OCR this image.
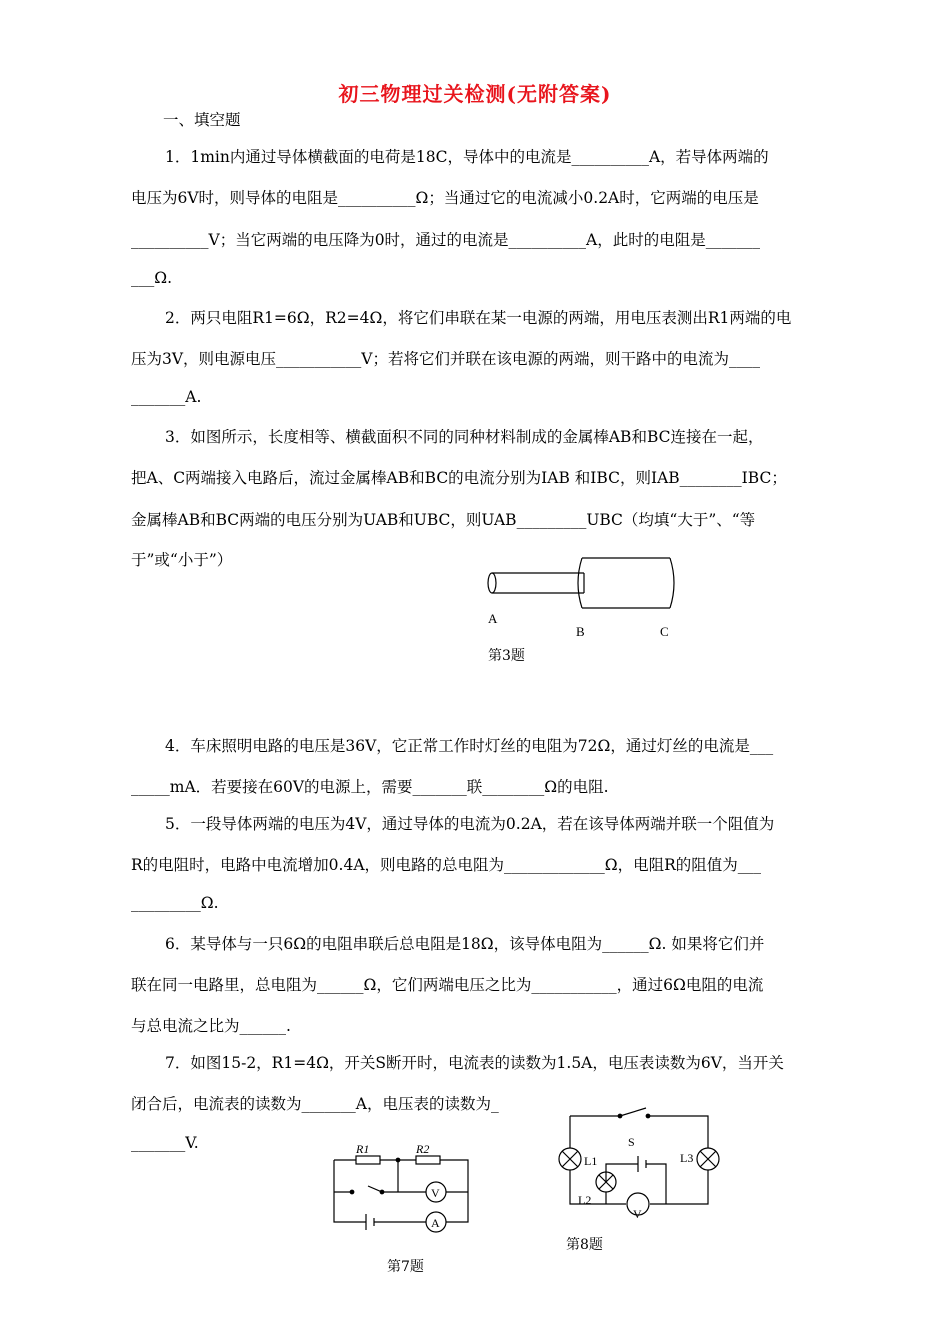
初三物理过关检测(无附答案)
一、填空题
1．1min内通过导体横截面的电荷是18C，导体中的电流是__________A，若导体两端的
电压为6V时，则导体的电阻是__________Ω；当通过它的电流减小0.2A时，它两端的电压是
__________V；当它两端的电压降为0时，通过的电流是__________A，此时的电阻是_______
___Ω.
2．两只电阻R1=6Ω，R2=4Ω，将它们串联在某一电源的两端，用电压表测出R1两端的电
压为3V，则电源电压___________V；若将它们并联在该电源的两端，则干路中的电流为____
_______A.
3．如图所示，长度相等、横截面积不同的同种材料制成的金属棒AB和BC连接在一起，
把A、C两端接入电路后，流过金属棒AB和BC的电流分别为IAB 和IBC，则IAB________IBC；
金属棒AB和BC两端的电压分别为UAB和UBC，则UAB_________UBC（均填“大于”、“等
于”或“小于”）
A
B	C
第3题
4．车床照明电路的电压是36V，它正常工作时灯丝的电阻为72Ω，通过灯丝的电流是___
_____mA．若要接在60V的电源上，需要_______联________Ω的电阻.
5．一段导体两端的电压为4V，通过导体的电流为0.2A，若在该导体两端并联一个阻值为
R的电阻时，电路中电流增加0.4A，则电路的总电阻为_____________Ω，电阻R的阻值为___
_________Ω.
6．某导体与一只6Ω的电阻串联后总电阻是18Ω，该导体电阻为______Ω. 如果将它们并
联在同一电路里，总电阻为______Ω，它们两端电压之比为___________，通过6Ω电阻的电流
与总电流之比为______.
7．如图15-2，R1=4Ω，开关S断开时，电流表的读数为1.5A，电压表读数为6V，当开关
闭合后，电流表的读数为_______A，电压表的读数为_
_______V.	R1	R2
V
A
第7题
L1
L2
L3
S
V
第8题
